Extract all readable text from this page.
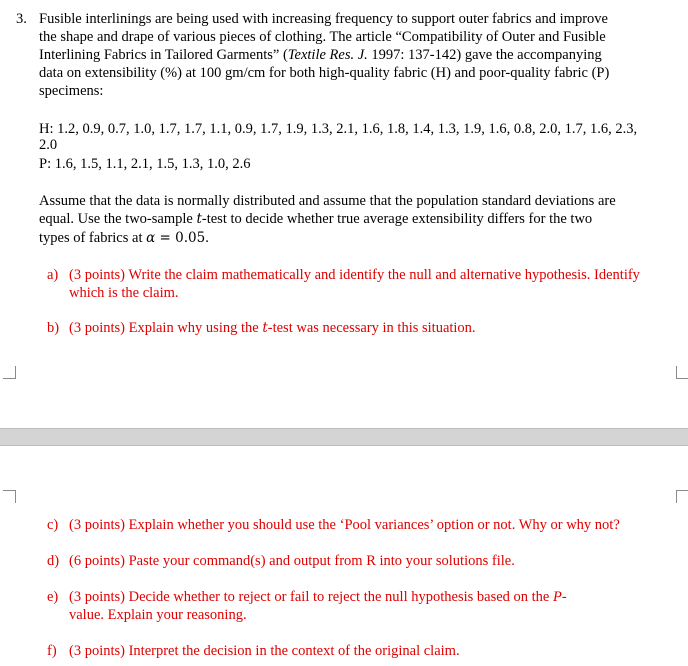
3. Fusible interlinings are being used with increasing frequency to support outer fabrics and improve
the shape and drape of various pieces of clothing. The article “Compatibility of Outer and Fusible
Interlining Fabrics in Tailored Garments” (Textile Res. J. 1997: 137-142) gave the accompanying
data on extensibility (%) at 100 gm/cm for both high-quality fabric (H) and poor-quality fabric (P)
specimens:
H: 1.2, 0.9, 0.7, 1.0, 1.7, 1.7, 1.1, 0.9, 1.7, 1.9, 1.3, 2.1, 1.6, 1.8, 1.4, 1.3, 1.9, 1.6, 0.8, 2.0, 1.7, 1.6, 2.3,
2.0
P: 1.6, 1.5, 1.1, 2.1, 1.5, 1.3, 1.0, 2.6
Assume that the data is normally distributed and assume that the population standard deviations are
equal. Use the two-sample t-test to decide whether true average extensibility differs for the two
types of fabrics at α = 0.05.
a) (3 points) Write the claim mathematically and identify the null and alternative hypothesis. Identify
which is the claim.
b) (3 points) Explain why using the t-test was necessary in this situation.
c) (3 points) Explain whether you should use the ‘Pool variances’ option or not. Why or why not?
d) (6 points) Paste your command(s) and output from R into your solutions file.
e) (3 points) Decide whether to reject or fail to reject the null hypothesis based on the P-
value. Explain your reasoning.
f) (3 points) Interpret the decision in the context of the original claim.
